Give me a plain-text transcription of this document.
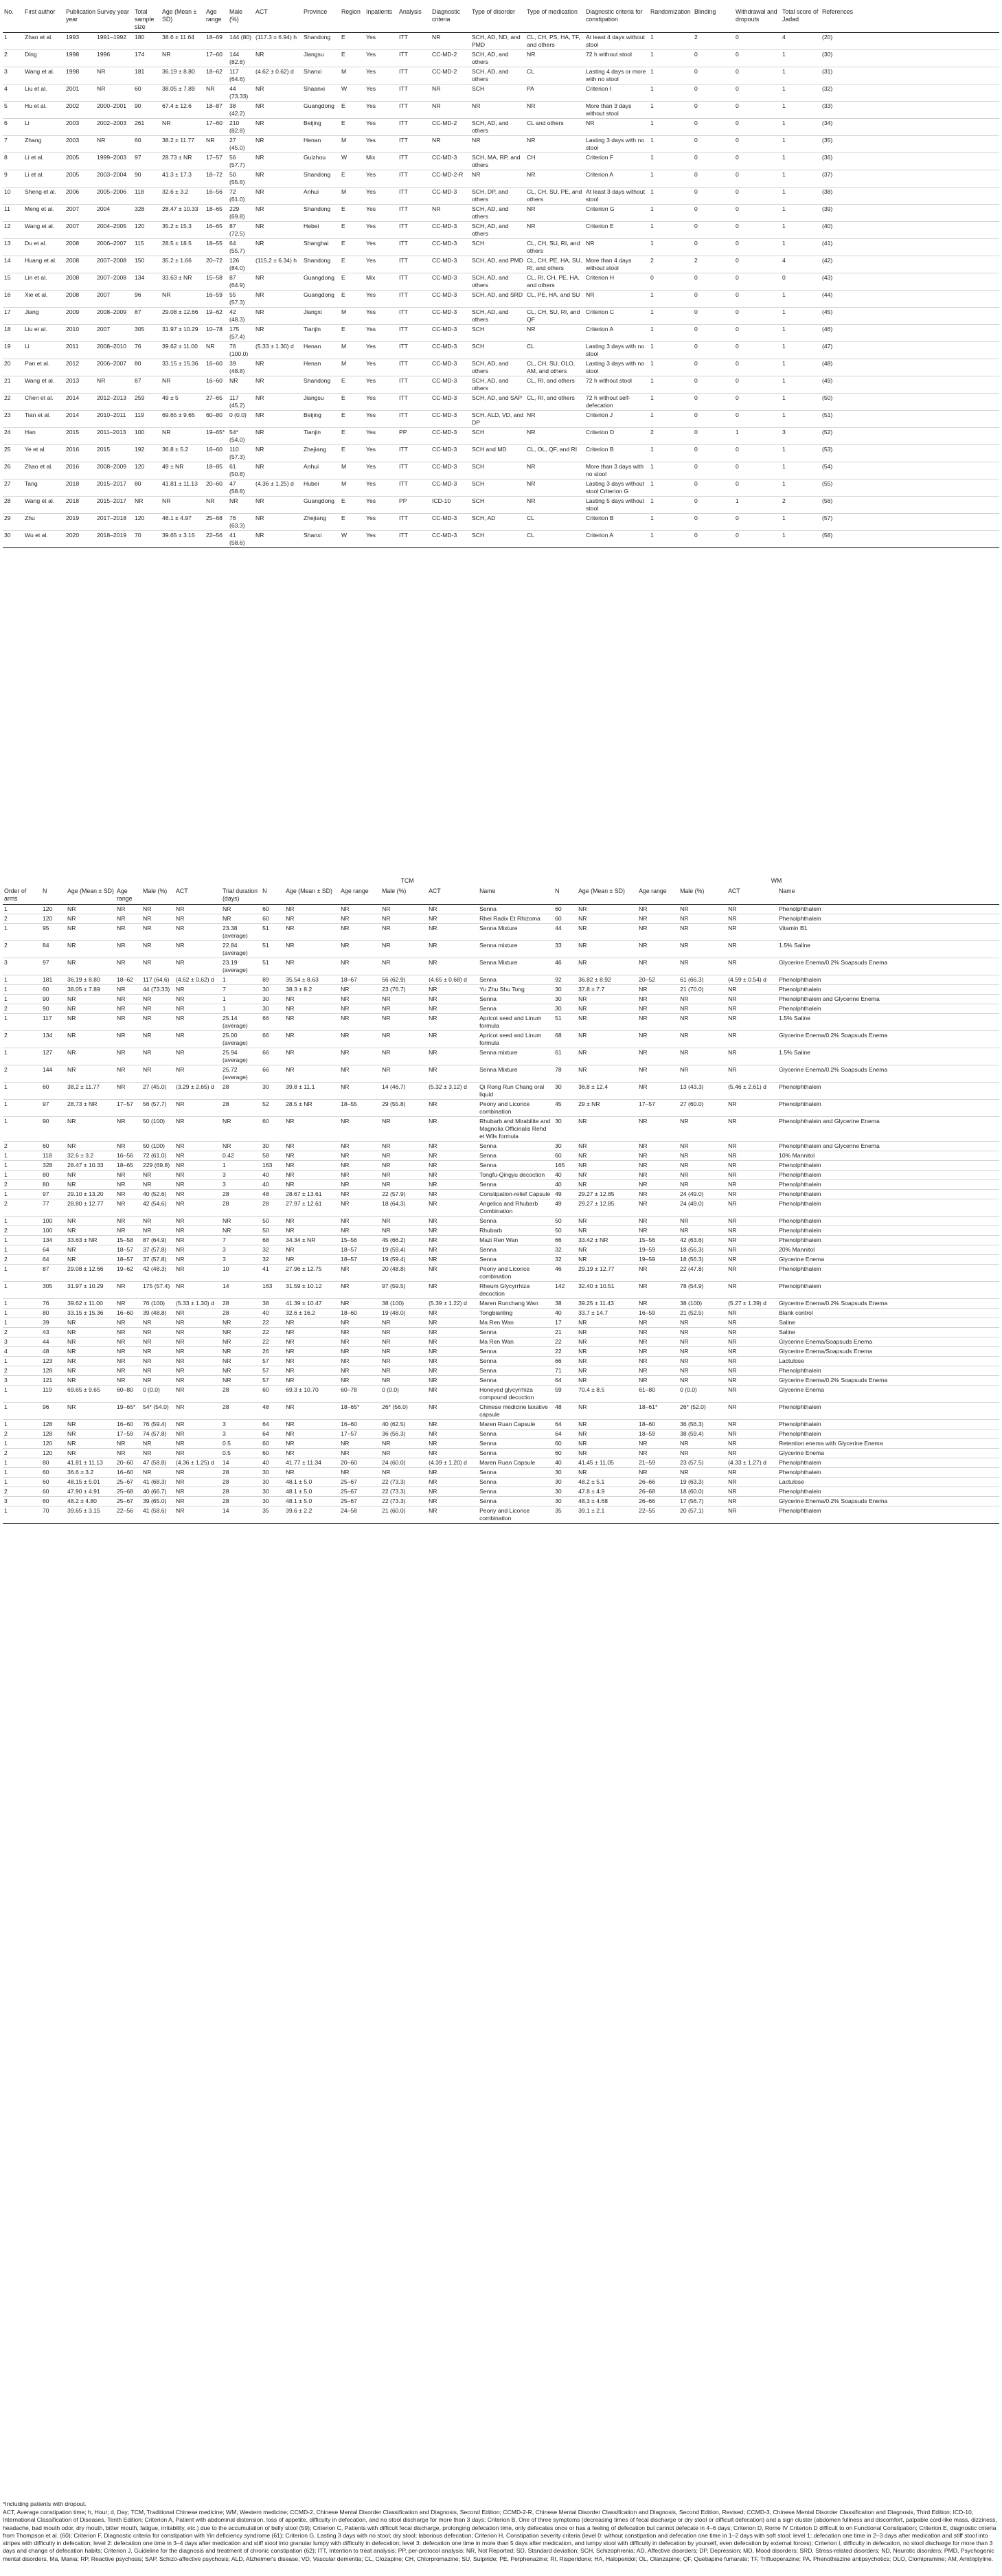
No.	First author	Publication year	Survey year	Total sample size	Age (Mean ± SD)	Age range	Male (%)	ACT	Province	Region	Inpatients	Analysis	Diagnostic criteria	Type of disorder	Type of medication	Diagnostic criteria for constipation	Randomization	Blinding	Withdrawal and dropouts	Total score of Jadad	References
1	Zhao et al.	1993	1991–1992	180	38.6 ± 11.64	18–69	144 (80)	(117.3 ± 6.94) h	Shandong	E	Yes	ITT	NR	SCH, AD, ND, and PMD	CL, CH, PS, HA, TF, and others	At least 4 days without stool	1	2	0	4	(20)
2	Ding	1998	1996	174	NR	17–60	144 (82.8)	NR	Jiangsu	E	Yes	ITT	CC-MD-2	SCH, AD, and others	NR	72 h without stool	1	0	0	1	(30)
3	Wang et al.	1998	NR	181	36.19 ± 8.80	18–62	117 (64.6)	(4.62 ± 0.62) d	Shanxi	M	Yes	ITT	CC-MD-2	SCH, AD, and others	CL	Lasting 4 days or more with no stool	1	0	0	1	(31)
4	Liu et al.	2001	NR	60	38.05 ± 7.89	NR	44 (73.33)	NR	Shaanxi	W	Yes	ITT	NR	SCH	PA	Criterion I	1	0	0	1	(32)
5	Hu et al.	2002	2000–2001	90	67.4 ± 12.6	18–87	38 (42.2)	NR	Guangdong	E	Yes	ITT	NR	NR	NR	More than 3 days without stool	1	0	0	1	(33)
6	Li	2003	2002–2003	261	NR	17–60	210 (82.8)	NR	Beijing	E	Yes	ITT	CC-MD-2	SCH, AD, and others	CL and others	NR	1	0	0	1	(34)
7	Zhang	2003	NR	60	38.2 ± 11.77	NR	27 (45.0)	NR	Henan	M	Yes	ITT	NR	NR	NR	Lasting 3 days with no stool	1	0	0	1	(35)
8	Li et al.	2005	1999–2003	97	28.73 ± NR	17–57	56 (57.7)	NR	Guizhou	W	Mix	ITT	CC-MD-3	SCH, MA, RP, and others	CH	Criterion F	1	0	0	1	(36)
9	Li et al.	2005	2003–2004	90	41.3 ± 17.3	18–72	50 (55.6)	NR	Shandong	E	Yes	ITT	CC-MD-2-R	NR	NR	Criterion A	1	0	0	1	(37)
10	Sheng et al.	2006	2005–2006	118	32.6 ± 3.2	16–56	72 (61.0)	NR	Anhui	M	Yes	ITT	CC-MD-3	SCH, DP, and others	CL, CH, SU, PE, and others	At least 3 days without stool	1	0	0	1	(38)
11	Meng et al.	2007	2004	328	28.47 ± 10.33	18–65	229 (69.8)	NR	Shandong	E	Yes	ITT	NR	SCH, AD, and others	NR	Criterion G	1	0	0	1	(39)
12	Wang et al.	2007	2004–2005	120	35.2 ± 15.3	16–65	87 (72.5)	NR	Hebei	E	Yes	ITT	CC-MD-3	SCH, AD, and others	NR	Criterion E	1	0	0	1	(40)
13	Du et al.	2008	2006–2007	115	28.5 ± 18.5	18–55	64 (55.7)	NR	Shanghai	E	Yes	ITT	CC-MD-3	SCH	CL, CH, SU, RI, and others	NR	1	0	0	1	(41)
14	Huang et al.	2008	2007–2008	150	35.2 ± 1.66	20–72	126 (84.0)	(115.2 ± 6.34) h	Shandong	E	Yes	ITT	CC-MD-3	SCH, AD, and PMD	CL, CH, PE, HA, SU, RI, and others	More than 4 days without stool	2	2	0	4	(42)
15	Lin et al.	2008	2007–2008	134	33.63 ± NR	15–58	87 (64.9)	NR	Guangdong	E	Mix	ITT	CC-MD-3	SCH, AD, and others	CL, RI, CH, PE, HA, and others	Criterion H	0	0	0	0	(43)
16	Xie et al.	2008	2007	96	NR	16–59	55 (57.3)	NR	Guangdong	E	Yes	ITT	CC-MD-3	SCH, AD, and SRD	CL, PE, HA, and SU	NR	1	0	0	1	(44)
17	Jiang	2009	2008–2009	87	29.08 ± 12.66	19–62	42 (48.3)	NR	Jiangxi	M	Yes	ITT	CC-MD-3	SCH, AD, and others	CL, CH, SU, RI, and QF	Criterion C	1	0	0	1	(45)
18	Liu et al.	2010	2007	305	31.97 ± 10.29	10–78	175 (57.4)	NR	Tianjin	E	Yes	ITT	CC-MD-3	SCH	NR	Criterion A	1	0	0	1	(46)
19	Li	2011	2008–2010	76	39.62 ± 11.00	NR	76 (100.0)	(5.33 ± 1.30) d	Henan	M	Yes	ITT	CC-MD-3	SCH	CL	Lasting 3 days with no stool	1	0	0	1	(47)
20	Pan et al.	2012	2006–2007	80	33.15 ± 15.36	16–60	39 (48.8)	NR	Henan	M	Yes	ITT	CC-MD-3	SCH, AD, and others	CL, CH, SU, OLO, AM, and others	Lasting 3 days with no stool	1	0	0	1	(48)
21	Wang et al.	2013	NR	87	NR	16–60	NR	NR	Shandong	E	Yes	ITT	CC-MD-3	SCH, AD, and others	CL, RI, and others	72 h without stool	1	0	0	1	(49)
22	Chen et al.	2014	2012–2013	259	49 ± 5	27–65	117 (45.2)	NR	Jiangsu	E	Yes	ITT	CC-MD-3	SCH, AD, and SAP	CL, RI, and others	72 h without self-defecation	1	0	0	1	(50)
23	Tian et al.	2014	2010–2011	119	69.65 ± 9.65	60–80	0 (0.0)	NR	Beijing	E	Yes	ITT	CC-MD-3	SCH, ALD, VD, and DP	NR	Criterion J	1	0	0	1	(51)
24	Han	2015	2011–2013	100	NR	19–65*	54* (54.0)	NR	Tianjin	E	Yes	PP	CC-MD-3	SCH	NR	Criterion D	2	0	1	3	(52)
25	Ye et al.	2016	2015	192	36.8 ± 5.2	16–60	110 (57.3)	NR	Zhejiang	E	Yes	ITT	CC-MD-3	SCH and MD	CL, OL, QF, and RI	Criterion B	1	0	0	1	(53)
26	Zhao et al.	2016	2008–2009	120	49 ± NR	18–85	61 (50.8)	NR	Anhui	M	Yes	ITT	CC-MD-3	SCH	NR	More than 3 days with no stool	1	0	0	1	(54)
27	Tang	2018	2015–2017	80	41.81 ± 11.13	20–60	47 (58.8)	(4.36 ± 1.25) d	Hubei	M	Yes	ITT	CC-MD-3	SCH	NR	Lasting 3 days without stool Criterion G	1	0	0	1	(55)
28	Wang et al.	2018	2015–2017	NR	NR	NR	NR	NR	Guangdong	E	Yes	PP	ICD-10	SCH	NR	Lasting 5 days without stool	1	0	1	2	(56)
29	Zhu	2019	2017–2018	120	48.1 ± 4.97	25–68	76 (63.3)	NR	Zhejiang	E	Yes	ITT	CC-MD-3	SCH, AD	CL	Criterion B	1	0	0	1	(57)
30	Wu et al.	2020	2018–2019	70	39.65 ± 3.15	22–56	41 (58.6)	NR	Shanxi	W	Yes	ITT	CC-MD-3	SCH	CL	Criterion A	1	0	0	1	(58)
							TCM						WM					
Order of arms	N	Age (Mean ± SD)	Age range	Male (%)	ACT	Trial duration (days)	N	Age (Mean ± SD)	Age range	Male (%)	ACT	Name	N	Age (Mean ± SD)	Age range	Male (%)	ACT	Name
1	120	NR	NR	NR	NR	NR	60	NR	NR	NR	NR	Senna	60	NR	NR	NR	NR	Phenolphthalein
2	120	NR	NR	NR	NR	NR	60	NR	NR	NR	NR	Rhei Radix Et Rhizoma	60	NR	NR	NR	NR	Phenolphthalein
1	95	NR	NR	NR	NR	23.38 (average)	51	NR	NR	NR	NR	Senna Mixture	44	NR	NR	NR	NR	Vitamin B1
2	84	NR	NR	NR	NR	22.84 (average)	51	NR	NR	NR	NR	Senna mixture	33	NR	NR	NR	NR	1.5% Saline
3	97	NR	NR	NR	NR	23.19 (average)	51	NR	NR	NR	NR	Senna Mixture	46	NR	NR	NR	NR	Glycerine Enema/0.2% Soapsuds Enema
1	181	36.19 ± 8.80	18–62	117 (64.6)	(4.62 ± 0.62) d	1	89	35.54 ± 8.63	18–67	56 (62.9)	(4.65 ± 0.68) d	Senna	92	36.82 ± 8.92	20–52	61 (66.3)	(4.59 ± 0.54) d	Phenolphthalein
1	60	38.05 ± 7.89	NR	44 (73.33)	NR	7	30	38.3 ± 8.2	NR	23 (76.7)	NR	Yu Zhu Shu Tong	30	37.8 ± 7.7	NR	21 (70.0)	NR	Phenolphthalein
1	90	NR	NR	NR	NR	1	30	NR	NR	NR	NR	Senna	30	NR	NR	NR	NR	Phenolphthalein and Glycerine Enema
2	90	NR	NR	NR	NR	1	30	NR	NR	NR	NR	Senna	30	NR	NR	NR	NR	Phenolphthalein
1	117	NR	NR	NR	NR	25.14 (average)	66	NR	NR	NR	NR	Apricot seed and Linum formula	51	NR	NR	NR	NR	1.5% Saline
2	134	NR	NR	NR	NR	25.00 (average)	66	NR	NR	NR	NR	Apricot seed and Linum formula	68	NR	NR	NR	NR	Glycerine Enema/0.2% Soapsuds Enema
1	127	NR	NR	NR	NR	25.94 (average)	66	NR	NR	NR	NR	Senna mixture	61	NR	NR	NR	NR	1.5% Saline
2	144	NR	NR	NR	NR	25.72 (average)	66	NR	NR	NR	NR	Senna Mixture	78	NR	NR	NR	NR	Glycerine Enema/0.2% Soapsuds Enema
1	60	38.2 ± 11.77	NR	27 (45.0)	(3.29 ± 2.65) d	28	30	39.8 ± 11.1	NR	14 (46.7)	(5.32 ± 3.12) d	Qi Rong Run Chang oral liquid	30	36.8 ± 12.4	NR	13 (43.3)	(5.46 ± 2.61) d	Phenolphthalein
1	97	28.73 ± NR	17–57	56 (57.7)	NR	28	52	28.5 ± NR	18–55	29 (55.8)	NR	Peony and Licorice combination	45	29 ± NR	17–57	27 (60.0)	NR	Phenolphthalein
1	90	NR	NR	50 (100)	NR	NR	60	NR	NR	NR	NR	Rhubarb and Mirabilite and Magnolia Officinalis Rehd et Wils formula	30	NR	NR	NR	NR	Phenolphthalein and Glycerine Enema
2	60	NR	NR	50 (100)	NR	NR	30	NR	NR	NR	NR	Senna	30	NR	NR	NR	NR	Phenolphthalein and Glycerine Enema
1	118	32.6 ± 3.2	16–56	72 (61.0)	NR	0.42	58	NR	NR	NR	NR	Senna	60	NR	NR	NR	NR	10% Mannitol
1	328	28.47 ± 10.33	18–65	229 (69.8)	NR	1	163	NR	NR	NR	NR	Senna	165	NR	NR	NR	NR	Phenolphthalein
1	80	NR	NR	NR	NR	3	40	NR	NR	NR	NR	Tongfu-Qingyu decoction	40	NR	NR	NR	NR	Phenolphthalein
2	80	NR	NR	NR	NR	3	40	NR	NR	NR	NR	Senna	40	NR	NR	NR	NR	Phenolphthalein
1	97	29.10 ± 13.20	NR	40 (52.6)	NR	28	48	28.67 ± 13.61	NR	22 (57.9)	NR	Constipation-relief Capsule	49	29.27 ± 12.85	NR	24 (49.0)	NR	Phenolphthalein
2	77	28.80 ± 12.77	NR	42 (54.6)	NR	28	28	27.97 ± 12.61	NR	18 (64.3)	NR	Angelica and Rhubarb Combination	49	29.27 ± 12.85	NR	24 (49.0)	NR	Phenolphthalein
1	100	NR	NR	NR	NR	NR	50	NR	NR	NR	NR	Senna	50	NR	NR	NR	NR	Phenolphthalein
2	100	NR	NR	NR	NR	NR	50	NR	NR	NR	NR	Rhubarb	50	NR	NR	NR	NR	Phenolphthalein
1	134	33.63 ± NR	15–58	87 (64.9)	NR	7	68	34.34 ± NR	15–56	45 (66.2)	NR	Mazi Ren Wan	66	33.42 ± NR	15–56	42 (63.6)	NR	Phenolphthalein
1	64	NR	18–57	37 (57.8)	NR	3	32	NR	18–57	19 (59.4)	NR	Senna	32	NR	19–59	18 (56.3)	NR	20% Mannitol
2	64	NR	18–57	37 (57.8)	NR	3	32	NR	18–57	19 (59.4)	NR	Senna	32	NR	19–59	18 (56.3)	NR	Glycerine Enema
1	87	29.08 ± 12.66	19–62	42 (48.3)	NR	10	41	27.96 ± 12.75	NR	20 (48.8)	NR	Peony and Licorice combination	46	29.19 ± 12.77	NR	22 (47.8)	NR	Phenolphthalein
1	305	31.97 ± 10.29	NR	175 (57.4)	NR	14	163	31.59 ± 10.12	NR	97 (59.5)	NR	Rheum Glycyrrhiza decoction	142	32.40 ± 10.51	NR	78 (54.9)	NR	Phenolphthalein
1	76	39.62 ± 11.00	NR	76 (100)	(5.33 ± 1.30) d	28	38	41.39 ± 10.47	NR	38 (100)	(5.39 ± 1.22) d	Maren Runchang Wan	38	39.25 ± 11.43	NR	38 (100)	(5.27 ± 1.39) d	Glycerine Enema/0.2% Soapsuds Enema
1	80	33.15 ± 15.36	16–60	39 (48.8)	NR	28	40	32.6 ± 16.2	18–60	19 (48.0)	NR	Tongbianling	40	33.7 ± 14.7	16–59	21 (52.5)	NR	Blank control
1	39	NR	NR	NR	NR	NR	22	NR	NR	NR	NR	Ma Ren Wan	17	NR	NR	NR	NR	Saline
2	43	NR	NR	NR	NR	NR	22	NR	NR	NR	NR	Senna	21	NR	NR	NR	NR	Saline
3	44	NR	NR	NR	NR	NR	22	NR	NR	NR	NR	Ma Ren Wan	22	NR	NR	NR	NR	Glycerine Enema/Soapsuds Enema
4	48	NR	NR	NR	NR	NR	26	NR	NR	NR	NR	Senna	22	NR	NR	NR	NR	Glycerine Enema/Soapsuds Enema
1	123	NR	NR	NR	NR	NR	57	NR	NR	NR	NR	Senna	66	NR	NR	NR	NR	Lactulose
2	128	NR	NR	NR	NR	NR	57	NR	NR	NR	NR	Senna	71	NR	NR	NR	NR	Phenolphthalein
3	121	NR	NR	NR	NR	NR	57	NR	NR	NR	NR	Senna	64	NR	NR	NR	NR	Glycerine Enema/0.2% Soapsuds Enema
1	119	69.65 ± 9.65	60–80	0 (0.0)	NR	28	60	69.3 ± 10.70	60–78	0 (0.0)	NR	Honeyed glycyrrhiza compound decoction	59	70.4 ± 8.5	61–80	0 (0.0)	NR	Glycerine Enema
1	96	NR	19–65*	54* (54.0)	NR	28	48	NR	18–65*	26* (56.0)	NR	Chinese medicine laxative capsule	48	NR	18–61*	26* (52.0)	NR	Phenolphthalein
1	128	NR	16–60	76 (59.4)	NR	3	64	NR	16–60	40 (62.5)	NR	Maren Ruan Capsule	64	NR	18–60	36 (56.3)	NR	Phenolphthalein
2	128	NR	17–59	74 (57.8)	NR	3	64	NR	17–57	36 (56.3)	NR	Senna	64	NR	18–59	38 (59.4)	NR	Phenolphthalein
1	120	NR	NR	NR	NR	0.5	60	NR	NR	NR	NR	Senna	60	NR	NR	NR	NR	Retention enema with Glycerine Enema
2	120	NR	NR	NR	NR	0.5	60	NR	NR	NR	NR	Senna	60	NR	NR	NR	NR	Glycerine Enema
1	80	41.81 ± 11.13	20–60	47 (58.8)	(4.36 ± 1.25) d	14	40	41.77 ± 11.34	20–60	24 (60.0)	(4.39 ± 1.20) d	Maren Ruan Capsule	40	41.45 ± 11.05	21–59	23 (57.5)	(4.33 ± 1.27) d	Phenolphthalein
1	60	36.6 ± 3.2	16–60	NR	NR	28	30	NR	NR	NR	NR	Senna	30	NR	NR	NR	NR	Phenolphthalein
1	60	48.15 ± 5.01	25–67	41 (68.3)	NR	28	30	48.1 ± 5.0	25–67	22 (73.3)	NR	Senna	30	48.2 ± 5.1	26–66	19 (63.3)	NR	Lactulose
2	60	47.90 ± 4.91	25–68	40 (66.7)	NR	28	30	48.1 ± 5.0	25–67	22 (73.3)	NR	Senna	30	47.8 ± 4.9	26–68	18 (60.0)	NR	Phenolphthalein
3	60	48.2 ± 4.80	25–67	39 (65.0)	NR	28	30	48.1 ± 5.0	25–67	22 (73.3)	NR	Senna	30	48.3 ± 4.68	26–66	17 (56.7)	NR	Glycerine Enema/0.2% Soapsuds Enema
1	70	39.65 ± 3.15	22–56	41 (58.6)	NR	14	35	39.6 ± 2.2	24–58	21 (60.0)	NR	Peony and Licorice combination	35	39.1 ± 2.1	22–55	20 (57.1)	NR	Phenolphthalein
*Including patients with dropout.
ACT, Average constipation time; h, Hour; d, Day; TCM, Traditional Chinese medicine; WM, Western medicine; CCMD-2, Chinese Mental Disorder Classification and Diagnosis, Second Edition; CCMD-2-R, Chinese Mental Disorder Classification and Diagnosis, Second Edition, Revised; CCMD-3, Chinese Mental Disorder Classification and Diagnosis, Third Edition; ICD-10, International Classification of Diseases, Tenth Edition; Criterion A, Patient with abdominal distension, loss of appetite, difficulty in defecation, and no stool discharge for more than 3 days; Criterion B, One of three symptoms (decreasing times of fecal discharge or dry stool or difficult defecation) and a sign cluster (abdomen fullness and discomfort, palpable cord-like mass, dizziness, headache, bad mouth odor, dry mouth, bitter mouth, fatigue, irritability, etc.) due to the accumulation of belly stool (59); Criterion C, Patients with difficult fecal discharge, prolonging defecation time, only defecates once or has a feeling of defecation but cannot defecate in 4–6 days; Criterion D, Rome IV Criterion D difficult to on Functional Constipation; Criterion E, diagnostic criteria from Thompson et al. (60); Criterion F, Diagnostic criteria for constipation with Yin deficiency syndrome (61); Criterion G, Lasting 3 days with no stool; dry stool; laborious defecation; Criterion H, Constipation severity criteria (level 0: without constipation and defecation one time in 1–2 days with soft stool; level 1: defecation one time in 2–3 days after medication and stiff stool into stripes with difficulty in defecation; level 2: defecation one time in 3–4 days after medication and stiff stool into granular lumpy with difficulty in defecation; level 3: defecation one time in more than 5 days after medication, and lumpy stool with difficulty in defecation by yourself, even defecation by external forces); Criterion I, difficulty in defecation, no stool discharge for more than 3 days and change of defecation habits; Criterion J, Guideline for the diagnosis and treatment of chronic constipation (62); ITT, Intention to treat analysis; PP, per-protocol analysis; NR, Not Reported; SD, Standard deviation; SCH, Schizophrenia; AD, Affective disorders; DP, Depression; MD, Mood disorders; SRD, Stress-related disorders; ND, Neurotic disorders; PMD, Psychogenic mental disorders, Ma, Mania; RP, Reactive psychosis; SAP, Schizo-affective psychosis; ALD, Alzheimer's disease; VD, Vascular dementia; CL, Clozapine; CH, Chlorpromazine; SU, Sulpiride; PE, Perphenazine; RI, Risperidone; HA, Haloperidol; OL, Olanzapine; QF, Quetiapine fumarate; TF, Trifluoperazine; PA, Phenothiazine antipsychotics; OLO, Clomipramine; AM, Amitriptyline.
